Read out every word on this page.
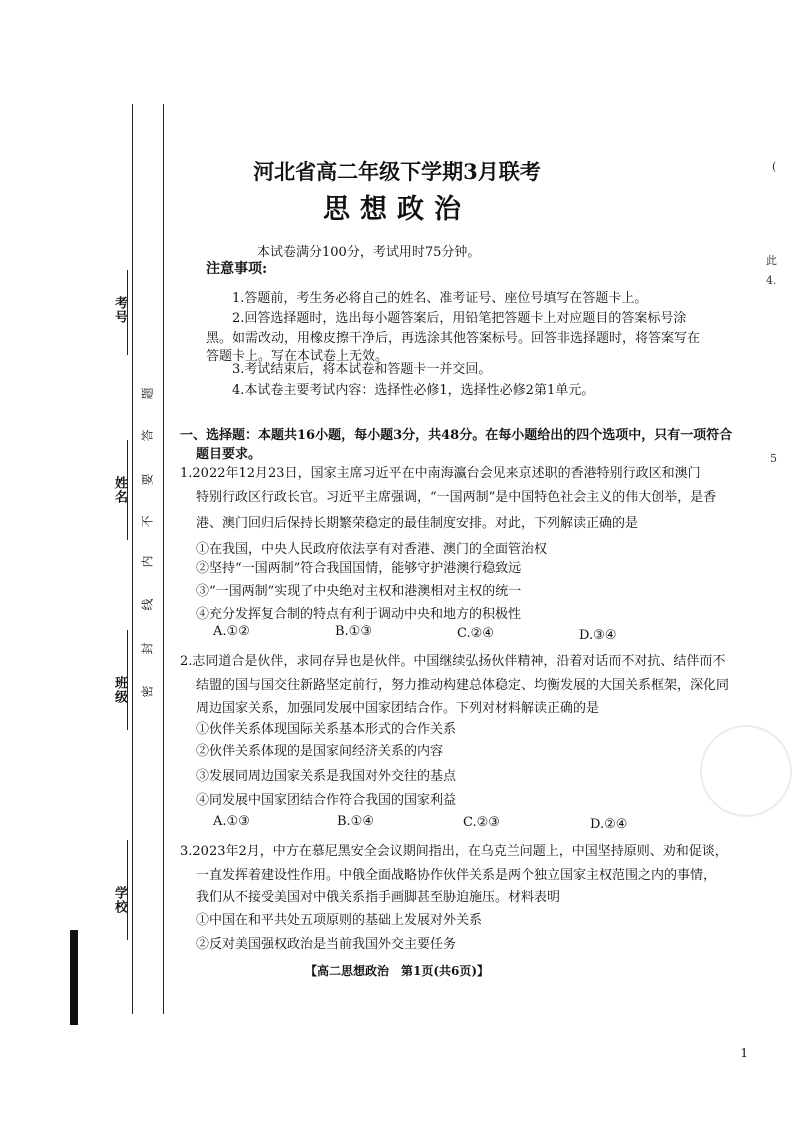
考号
姓名
班级
学校
题
答
要
不
内
线
封
密
河北省高二年级下学期3月联考
思想政治
本试卷满分100分，考试用时75分钟。
注意事项:
1.答题前，考生务必将自己的姓名、准考证号、座位号填写在答题卡上。
2.回答选择题时，选出每小题答案后，用铅笔把答题卡上对应题目的答案标号涂
黑。如需改动，用橡皮擦干净后，再选涂其他答案标号。回答非选择题时，将答案写在
答题卡上。写在本试卷上无效。
3.考试结束后，将本试卷和答题卡一并交回。
4.本试卷主要考试内容：选择性必修1，选择性必修2第1单元。
一、选择题：本题共16小题，每小题3分，共48分。在每小题给出的四个选项中，只有一项符合
题目要求。
1.2022年12月23日，国家主席习近平在中南海瀛台会见来京述职的香港特别行政区和澳门
特别行政区行政长官。习近平主席强调，“一国两制”是中国特色社会主义的伟大创举，是香
港、澳门回归后保持长期繁荣稳定的最佳制度安排。对此，下列解读正确的是
①在我国，中央人民政府依法享有对香港、澳门的全面管治权
②坚持“一国两制”符合我国国情，能够守护港澳行稳致远
③“一国两制”实现了中央绝对主权和港澳相对主权的统一
④充分发挥复合制的特点有利于调动中央和地方的积极性
A.①②	B.①③	C.②④	D.③④
2.志同道合是伙伴，求同存异也是伙伴。中国继续弘扬伙伴精神，沿着对话而不对抗、结伴而不
结盟的国与国交往新路坚定前行，努力推动构建总体稳定、均衡发展的大国关系框架，深化同
周边国家关系，加强同发展中国家团结合作。下列对材料解读正确的是
①伙伴关系体现国际关系基本形式的合作关系
②伙伴关系体现的是国家间经济关系的内容
③发展同周边国家关系是我国对外交往的基点
④同发展中国家团结合作符合我国的国家利益
A.①③	B.①④	C.②③	D.②④
3.2023年2月，中方在慕尼黑安全会议期间指出，在乌克兰问题上，中国坚持原则、劝和促谈，
一直发挥着建设性作用。中俄全面战略协作伙伴关系是两个独立国家主权范围之内的事情，
我们从不接受美国对中俄关系指手画脚甚至胁迫施压。材料表明
①中国在和平共处五项原则的基础上发展对外关系
②反对美国强权政治是当前我国外交主要任务
【高二思想政治　第1页(共6页)】
1
(
此
4.
5
